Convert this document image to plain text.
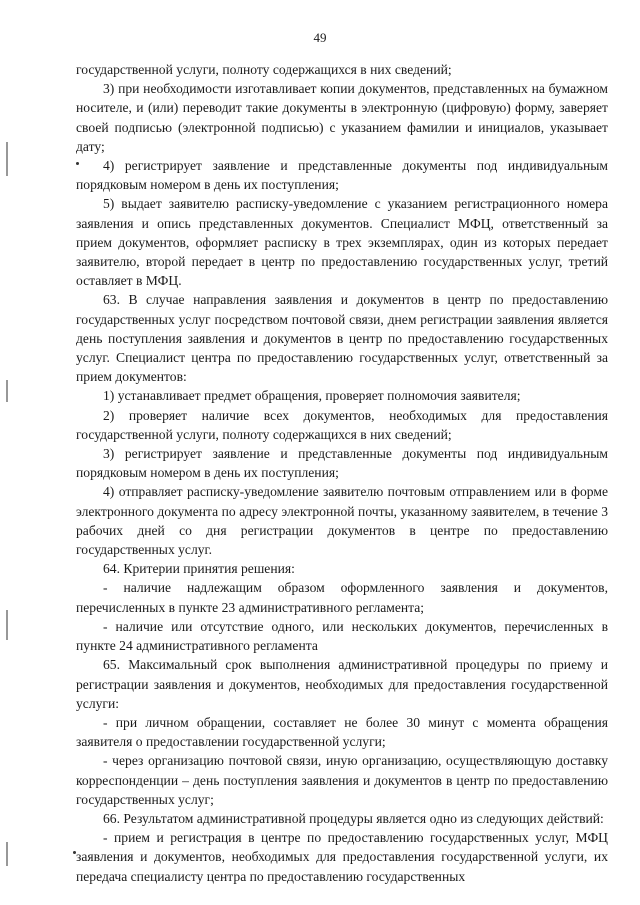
49

государственной услуги, полноту содержащихся в них сведений;

3) при необходимости изготавливает копии документов, представленных на бумажном носителе, и (или) переводит такие документы в электронную (цифровую) форму, заверяет своей подписью (электронной подписью) с указанием фамилии и инициалов, указывает дату;

4) регистрирует заявление и представленные документы под индивидуальным порядковым номером в день их поступления;

5) выдает заявителю расписку-уведомление с указанием регистрационного номера заявления и опись представленных документов. Специалист МФЦ, ответственный за прием документов, оформляет расписку в трех экземплярах, один из которых передает заявителю, второй передает в центр по предоставлению государственных услуг, третий оставляет в МФЦ.

63. В случае направления заявления и документов в центр по предоставлению государственных услуг посредством почтовой связи, днем регистрации заявления является день поступления заявления и документов в центр по предоставлению государственных услуг. Специалист центра по предоставлению государственных услуг, ответственный за прием документов:

1) устанавливает предмет обращения, проверяет полномочия заявителя;

2) проверяет наличие всех документов, необходимых для предоставления государственной услуги, полноту содержащихся в них сведений;

3) регистрирует заявление и представленные документы под индивидуальным порядковым номером в день их поступления;

4) отправляет расписку-уведомление заявителю почтовым отправлением или в форме электронного документа по адресу электронной почты, указанному заявителем, в течение 3 рабочих дней со дня регистрации документов в центре по предоставлению государственных услуг.

64. Критерии принятия решения:

- наличие надлежащим образом оформленного заявления и документов, перечисленных в пункте 23 административного регламента;

- наличие или отсутствие одного, или нескольких документов, перечисленных в пункте 24 административного регламента

65. Максимальный срок выполнения административной процедуры по приему и регистрации заявления и документов, необходимых для предоставления государственной услуги:

- при личном обращении, составляет не более 30 минут с момента обращения заявителя о предоставлении государственной услуги;

- через организацию почтовой связи, иную организацию, осуществляющую доставку корреспонденции – день поступления заявления и документов в центр по предоставлению государственных услуг;

66. Результатом административной процедуры является одно из следующих действий:

- прием и регистрация в центре по предоставлению государственных услуг, МФЦ заявления и документов, необходимых для предоставления государственной услуги, их передача специалисту центра по предоставлению государственных
